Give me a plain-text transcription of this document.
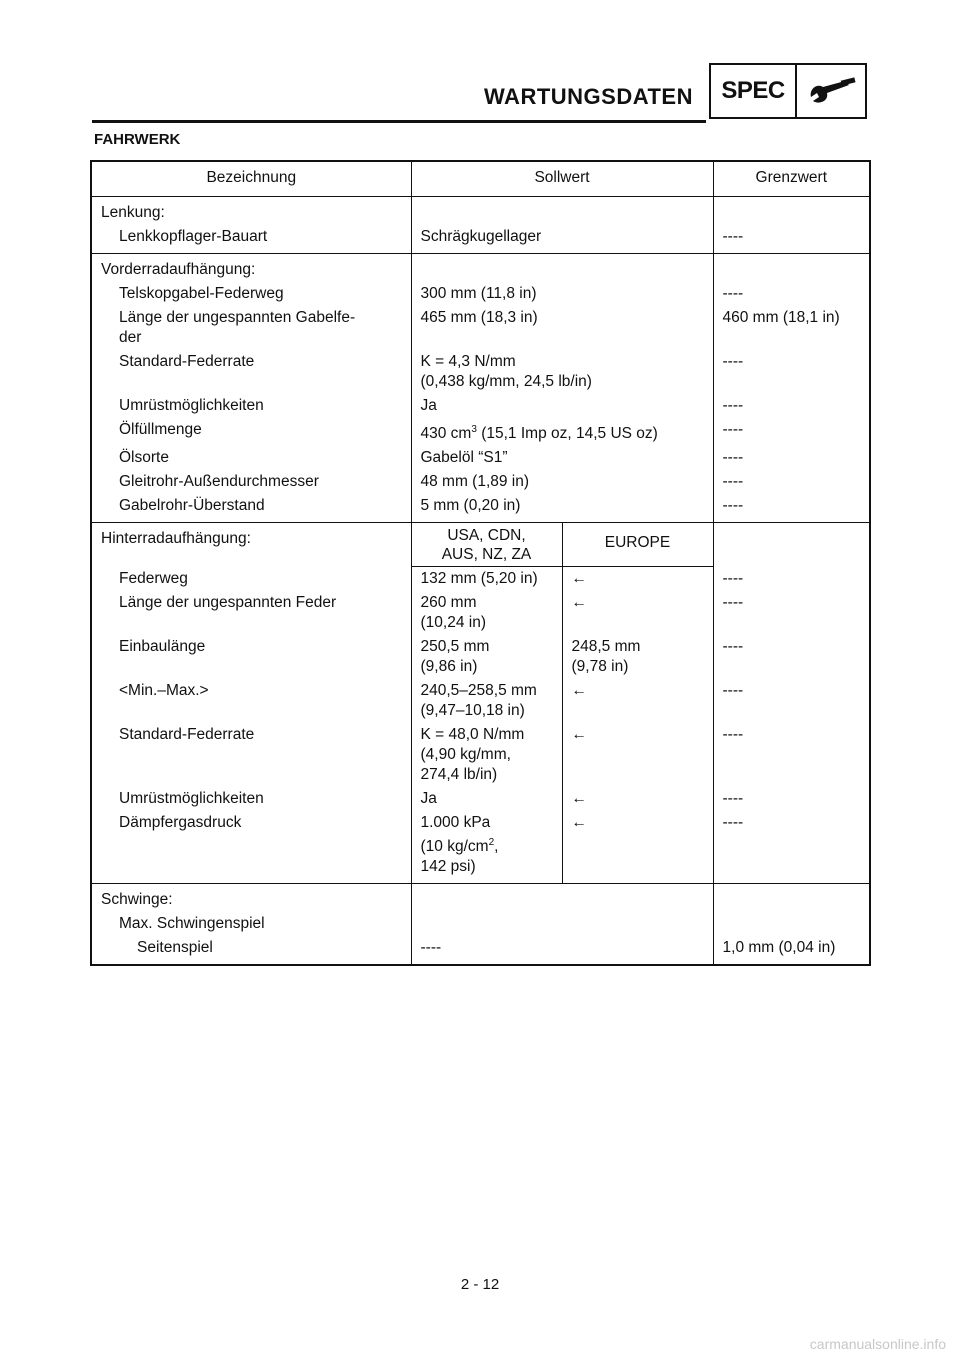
WARTUNGSDATEN	SPEC
FAHRWERK
Bezeichnung	Sollwert		Grenzwert
Lenkung:			
Lenkkopflager-Bauart	Schrägkugellager		----
Vorderradaufhängung:			
Telskopgabel-Federweg	300 mm (11,8 in)		----
Länge der ungespannten Gabelfe-
der	465 mm (18,3 in)		460 mm (18,1 in)
Standard-Federrate	K = 4,3 N/mm
(0,438 kg/mm, 24,5 lb/in)		----
Umrüstmöglichkeiten	Ja		----
Ölfüllmenge	430 $cm^3$ (15,1 Imp oz, 14,5 US oz)		----
Ölsorte	Gabelöl “S1”		----
Gleitrohr-Außendurchmesser	48 mm (1,89 in)		----
Gabelrohr-Überstand	5 mm (0,20 in)		----
Hinterradaufhängung:	USA, CDN,
AUS, NZ, ZA	EUROPE	
Federweg	132 mm (5,20 in)	←	----
Länge der ungespannten Feder	260 mm
(10,24 in)	←	----
Einbaulänge	250,5 mm
(9,86 in)	248,5 mm
(9,78 in)	----
<Min.–Max.>	240,5–258,5 mm
(9,47–10,18 in)	←	----
Standard-Federrate	K = 48,0 N/mm
(4,90 kg/mm,
274,4 lb/in)	←	----
Umrüstmöglichkeiten	Ja	←	----
Dämpfergasdruck	1.000 kPa
(10 $kg/cm^2$,
142 psi)	←	----
Schwinge:			
Max. Schwingenspiel			
Seitenspiel	----		1,0 mm (0,04 in)
2 - 12
carmanualsonline.info
